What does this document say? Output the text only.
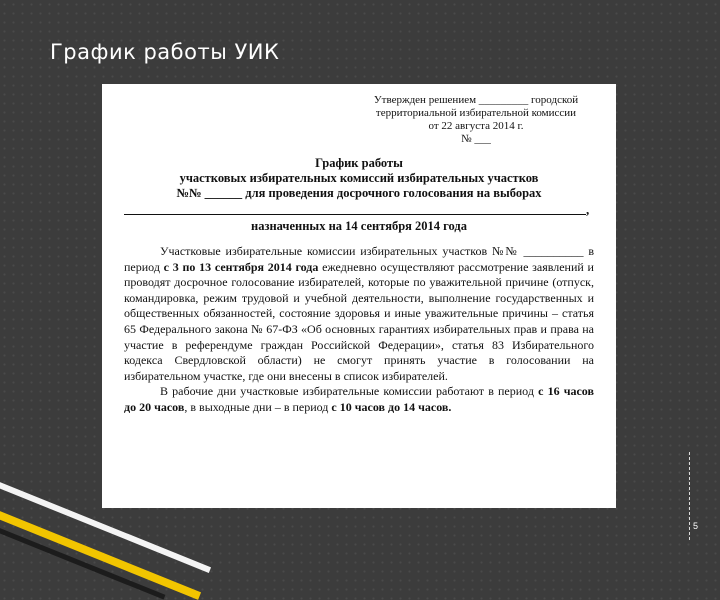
График работы УИК
5
Утвержден решением _________ городской
территориальной избирательной комиссии
от 22 августа 2014 г.
№ ___
График работы
участковых избирательных комиссий избирательных участков
№№ ______ для проведения досрочного голосования на выборах
,
назначенных на 14 сентября 2014 года

Участковые избирательные комиссии избирательных участков №№ __________ в период с 3 по 13 сентября 2014 года ежедневно осуществляют рассмотрение заявлений и проводят досрочное голосование избирателей, которые по уважительной причине (отпуск, командировка, режим трудовой и учебной деятельности, выполнение государственных и общественных обязанностей, состояние здоровья и иные уважительные причины – статья 65 Федерального закона № 67-ФЗ «Об основных гарантиях избирательных прав и права на участие в референдуме граждан Российской Федерации», статья 83 Избирательного кодекса Свердловской области) не смогут принять участие в голосовании на избирательном участке, где они внесены в список избирателей.

В рабочие дни участковые избирательные комиссии работают в период с 16 часов до 20 часов, в выходные дни – в период с 10 часов до 14 часов.
